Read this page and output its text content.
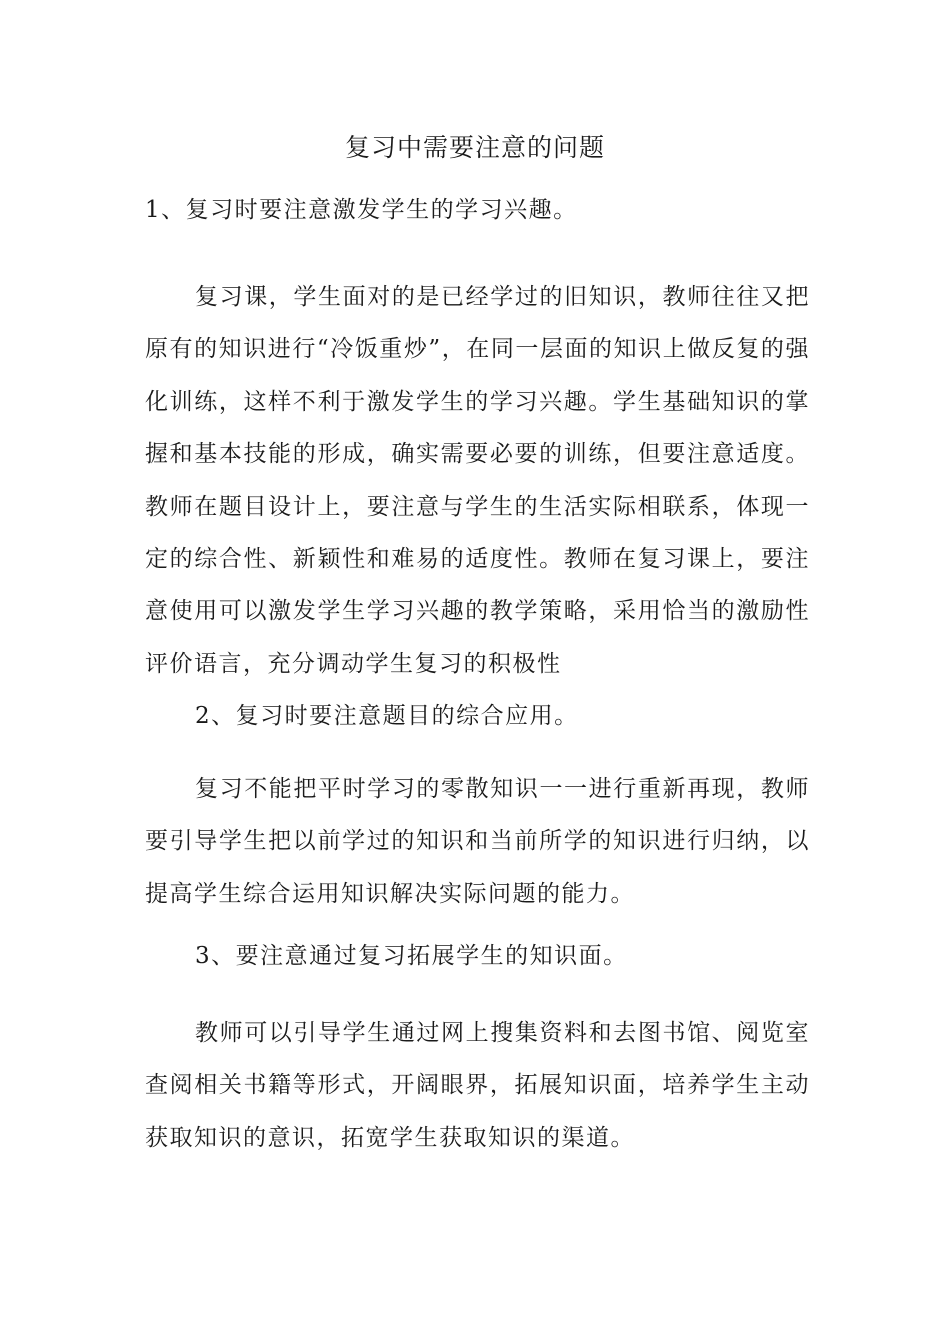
复习中需要注意的问题

1、复习时要注意激发学生的学习兴趣。

复习课，学生面对的是已经学过的旧知识，教师往往又把原有的知识进行“冷饭重炒”，在同一层面的知识上做反复的强化训练，这样不利于激发学生的学习兴趣。学生基础知识的掌握和基本技能的形成，确实需要必要的训练，但要注意适度。教师在题目设计上，要注意与学生的生活实际相联系，体现一定的综合性、新颖性和难易的适度性。教师在复习课上，要注意使用可以激发学生学习兴趣的教学策略，采用恰当的激励性评价语言，充分调动学生复习的积极性

2、复习时要注意题目的综合应用。

复习不能把平时学习的零散知识一一进行重新再现，教师要引导学生把以前学过的知识和当前所学的知识进行归纳，以提高学生综合运用知识解决实际问题的能力。

3、要注意通过复习拓展学生的知识面。

教师可以引导学生通过网上搜集资料和去图书馆、阅览室查阅相关书籍等形式，开阔眼界，拓展知识面，培养学生主动获取知识的意识，拓宽学生获取知识的渠道。
